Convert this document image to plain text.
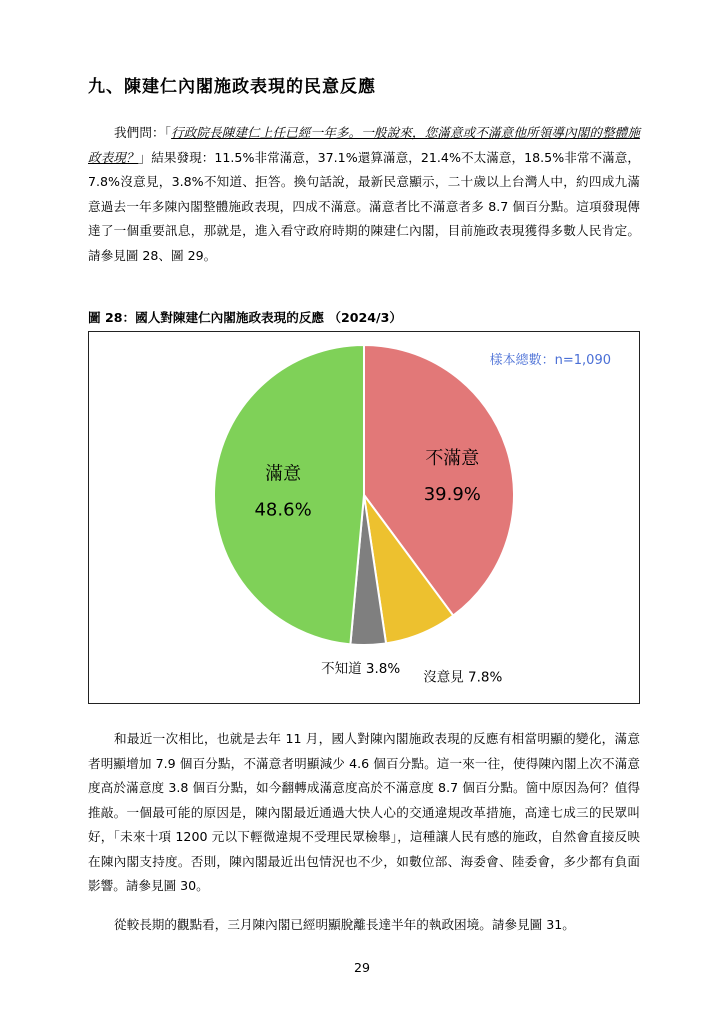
九、陳建仁內閣施政表現的民意反應
我們問：「行政院長陳建仁上任已經一年多。一般說來，您滿意或不滿意他所領導內閣的整體施政表現？」結果發現：11.5%非常滿意，37.1%還算滿意，21.4%不太滿意，18.5%非常不滿意，7.8%沒意見，3.8%不知道、拒答。換句話說，最新民意顯示，二十歲以上台灣人中，約四成九滿意過去一年多陳內閣整體施政表現，四成不滿意。滿意者比不滿意者多 8.7 個百分點。這項發現傳達了一個重要訊息，那就是，進入看守政府時期的陳建仁內閣，目前施政表現獲得多數人民肯定。請參見圖 28、圖 29。
圖 28：國人對陳建仁內閣施政表現的反應 （2024/3）
不滿意
39.9%
滿意
48.6%
沒意見 7.8%
不知道 3.8%
樣本總數：n=1,090
和最近一次相比，也就是去年 11 月，國人對陳內閣施政表現的反應有相當明顯的變化，滿意者明顯增加 7.9 個百分點，不滿意者明顯減少 4.6 個百分點。這一來一往，使得陳內閣上次不滿意度高於滿意度 3.8 個百分點，如今翻轉成滿意度高於不滿意度 8.7 個百分點。箇中原因為何？值得推敲。一個最可能的原因是，陳內閣最近通過大快人心的交通違規改革措施，高達七成三的民眾叫好，「未來十項 1200 元以下輕微違規不受理民眾檢舉」，這種讓人民有感的施政，自然會直接反映在陳內閣支持度。否則，陳內閣最近出包情況也不少，如數位部、海委會、陸委會，多少都有負面影響。請參見圖 30。
從較長期的觀點看，三月陳內閣已經明顯脫離長達半年的執政困境。請參見圖 31。
29
